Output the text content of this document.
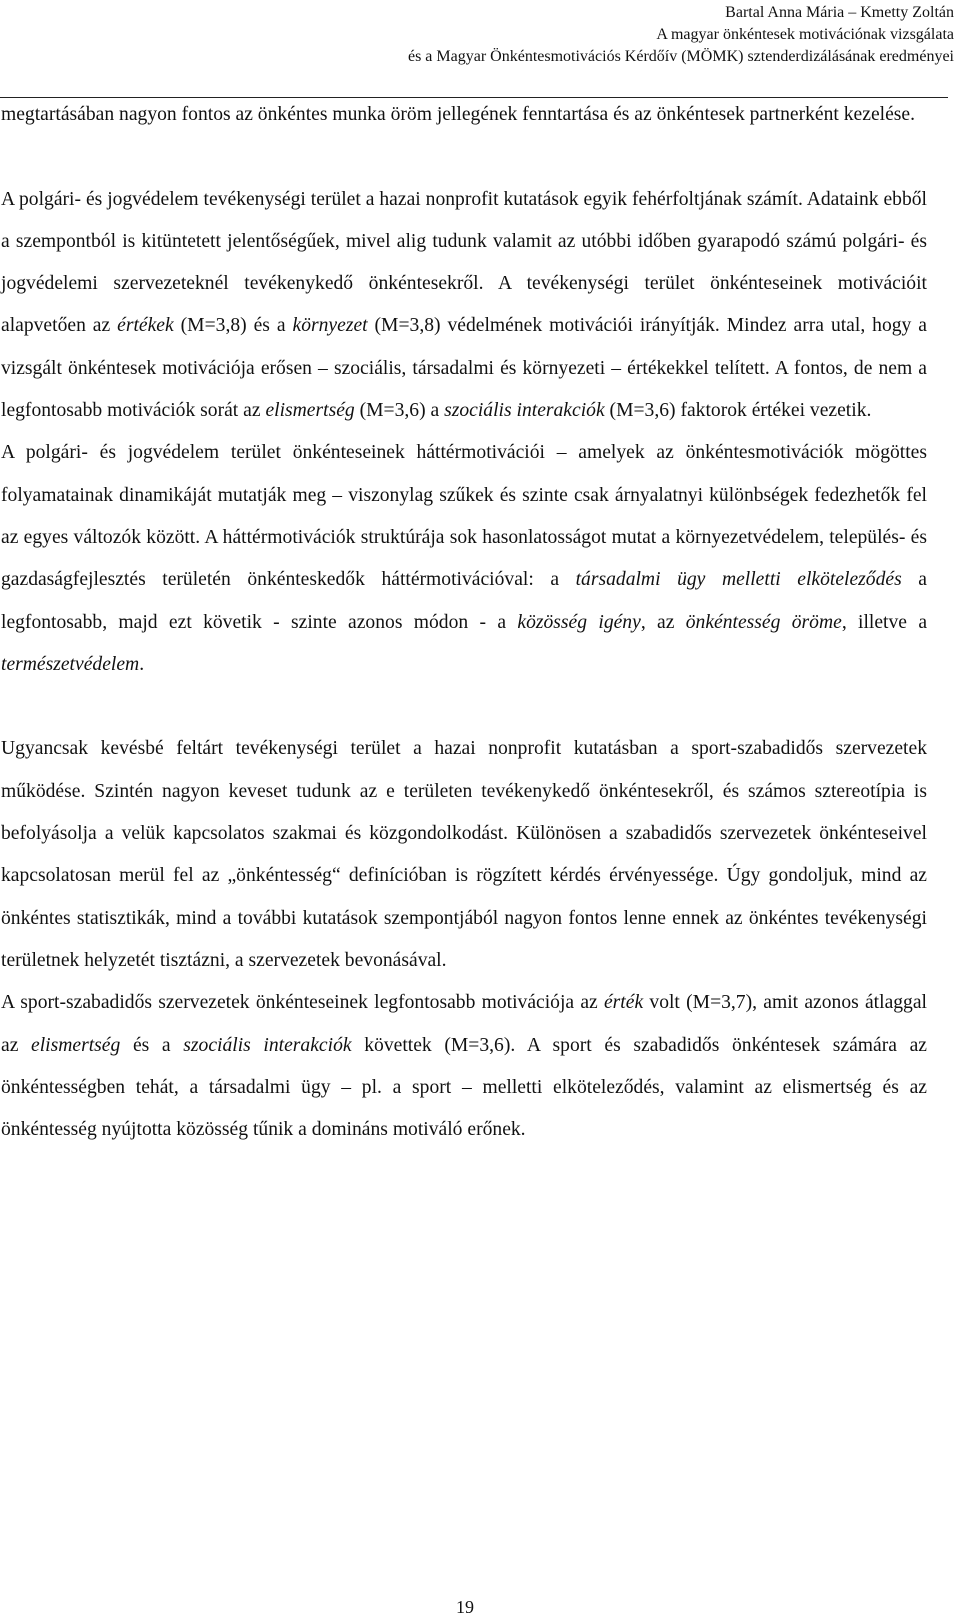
Bartal Anna Mária – Kmetty Zoltán
A magyar önkéntesek motivációnak vizsgálata
és a Magyar Önkéntesmotivációs Kérdőív (MÖMK) sztenderdizálásának eredményei

megtartásában nagyon fontos az önkéntes munka öröm jellegének fenntartása és az önkéntesek partnerként kezelése.

A polgári- és jogvédelem tevékenységi terület a hazai nonprofit kutatások egyik fehérfoltjának számít. Adataink ebből a szempontból is kitüntetett jelentőségűek, mivel alig tudunk valamit az utóbbi időben gyarapodó számú polgári- és jogvédelemi szervezeteknél tevékenykedő önkéntesekről. A tevékenységi terület önkénteseinek motivációit alapvetően az értékek (M=3,8) és a környezet (M=3,8) védelmének motivációi irányítják. Mindez arra utal, hogy a vizsgált önkéntesek motivációja erősen – szociális, társadalmi és környezeti – értékekkel telített. A fontos, de nem a legfontosabb motivációk sorát az elismertség (M=3,6) a szociális interakciók (M=3,6) faktorok értékei vezetik.

A polgári- és jogvédelem terület önkénteseinek háttérmotivációi – amelyek az önkéntesmotivációk mögöttes folyamatainak dinamikáját mutatják meg – viszonylag szűkek és szinte csak árnyalatnyi különbségek fedezhetők fel az egyes változók között. A háttérmotivációk struktúrája sok hasonlatosságot mutat a környezetvédelem, település- és gazdaságfejlesztés területén önkénteskedők háttérmotivációval: a társadalmi ügy melletti elköteleződés a legfontosabb, majd ezt követik - szinte azonos módon - a közösség igény, az önkéntesség öröme, illetve a természetvédelem.

Ugyancsak kevésbé feltárt tevékenységi terület a hazai nonprofit kutatásban a sport-szabadidős szervezetek működése. Szintén nagyon keveset tudunk az e területen tevékenykedő önkéntesekről, és számos sztereotípia is befolyásolja a velük kapcsolatos szakmai és közgondolkodást. Különösen a szabadidős szervezetek önkénteseivel kapcsolatosan merül fel az „önkéntesség“ definícióban is rögzített kérdés érvényessége. Úgy gondoljuk, mind az önkéntes statisztikák, mind a további kutatások szempontjából nagyon fontos lenne ennek az önkéntes tevékenységi területnek helyzetét tisztázni, a szervezetek bevonásával.

A sport-szabadidős szervezetek önkénteseinek legfontosabb motivációja az érték volt (M=3,7), amit azonos átlaggal az elismertség és a szociális interakciók követtek (M=3,6). A sport és szabadidős önkéntesek számára az önkéntességben tehát, a társadalmi ügy – pl. a sport – melletti elköteleződés, valamint az elismertség és az önkéntesség nyújtotta közösség tűnik a domináns motiváló erőnek.

19
